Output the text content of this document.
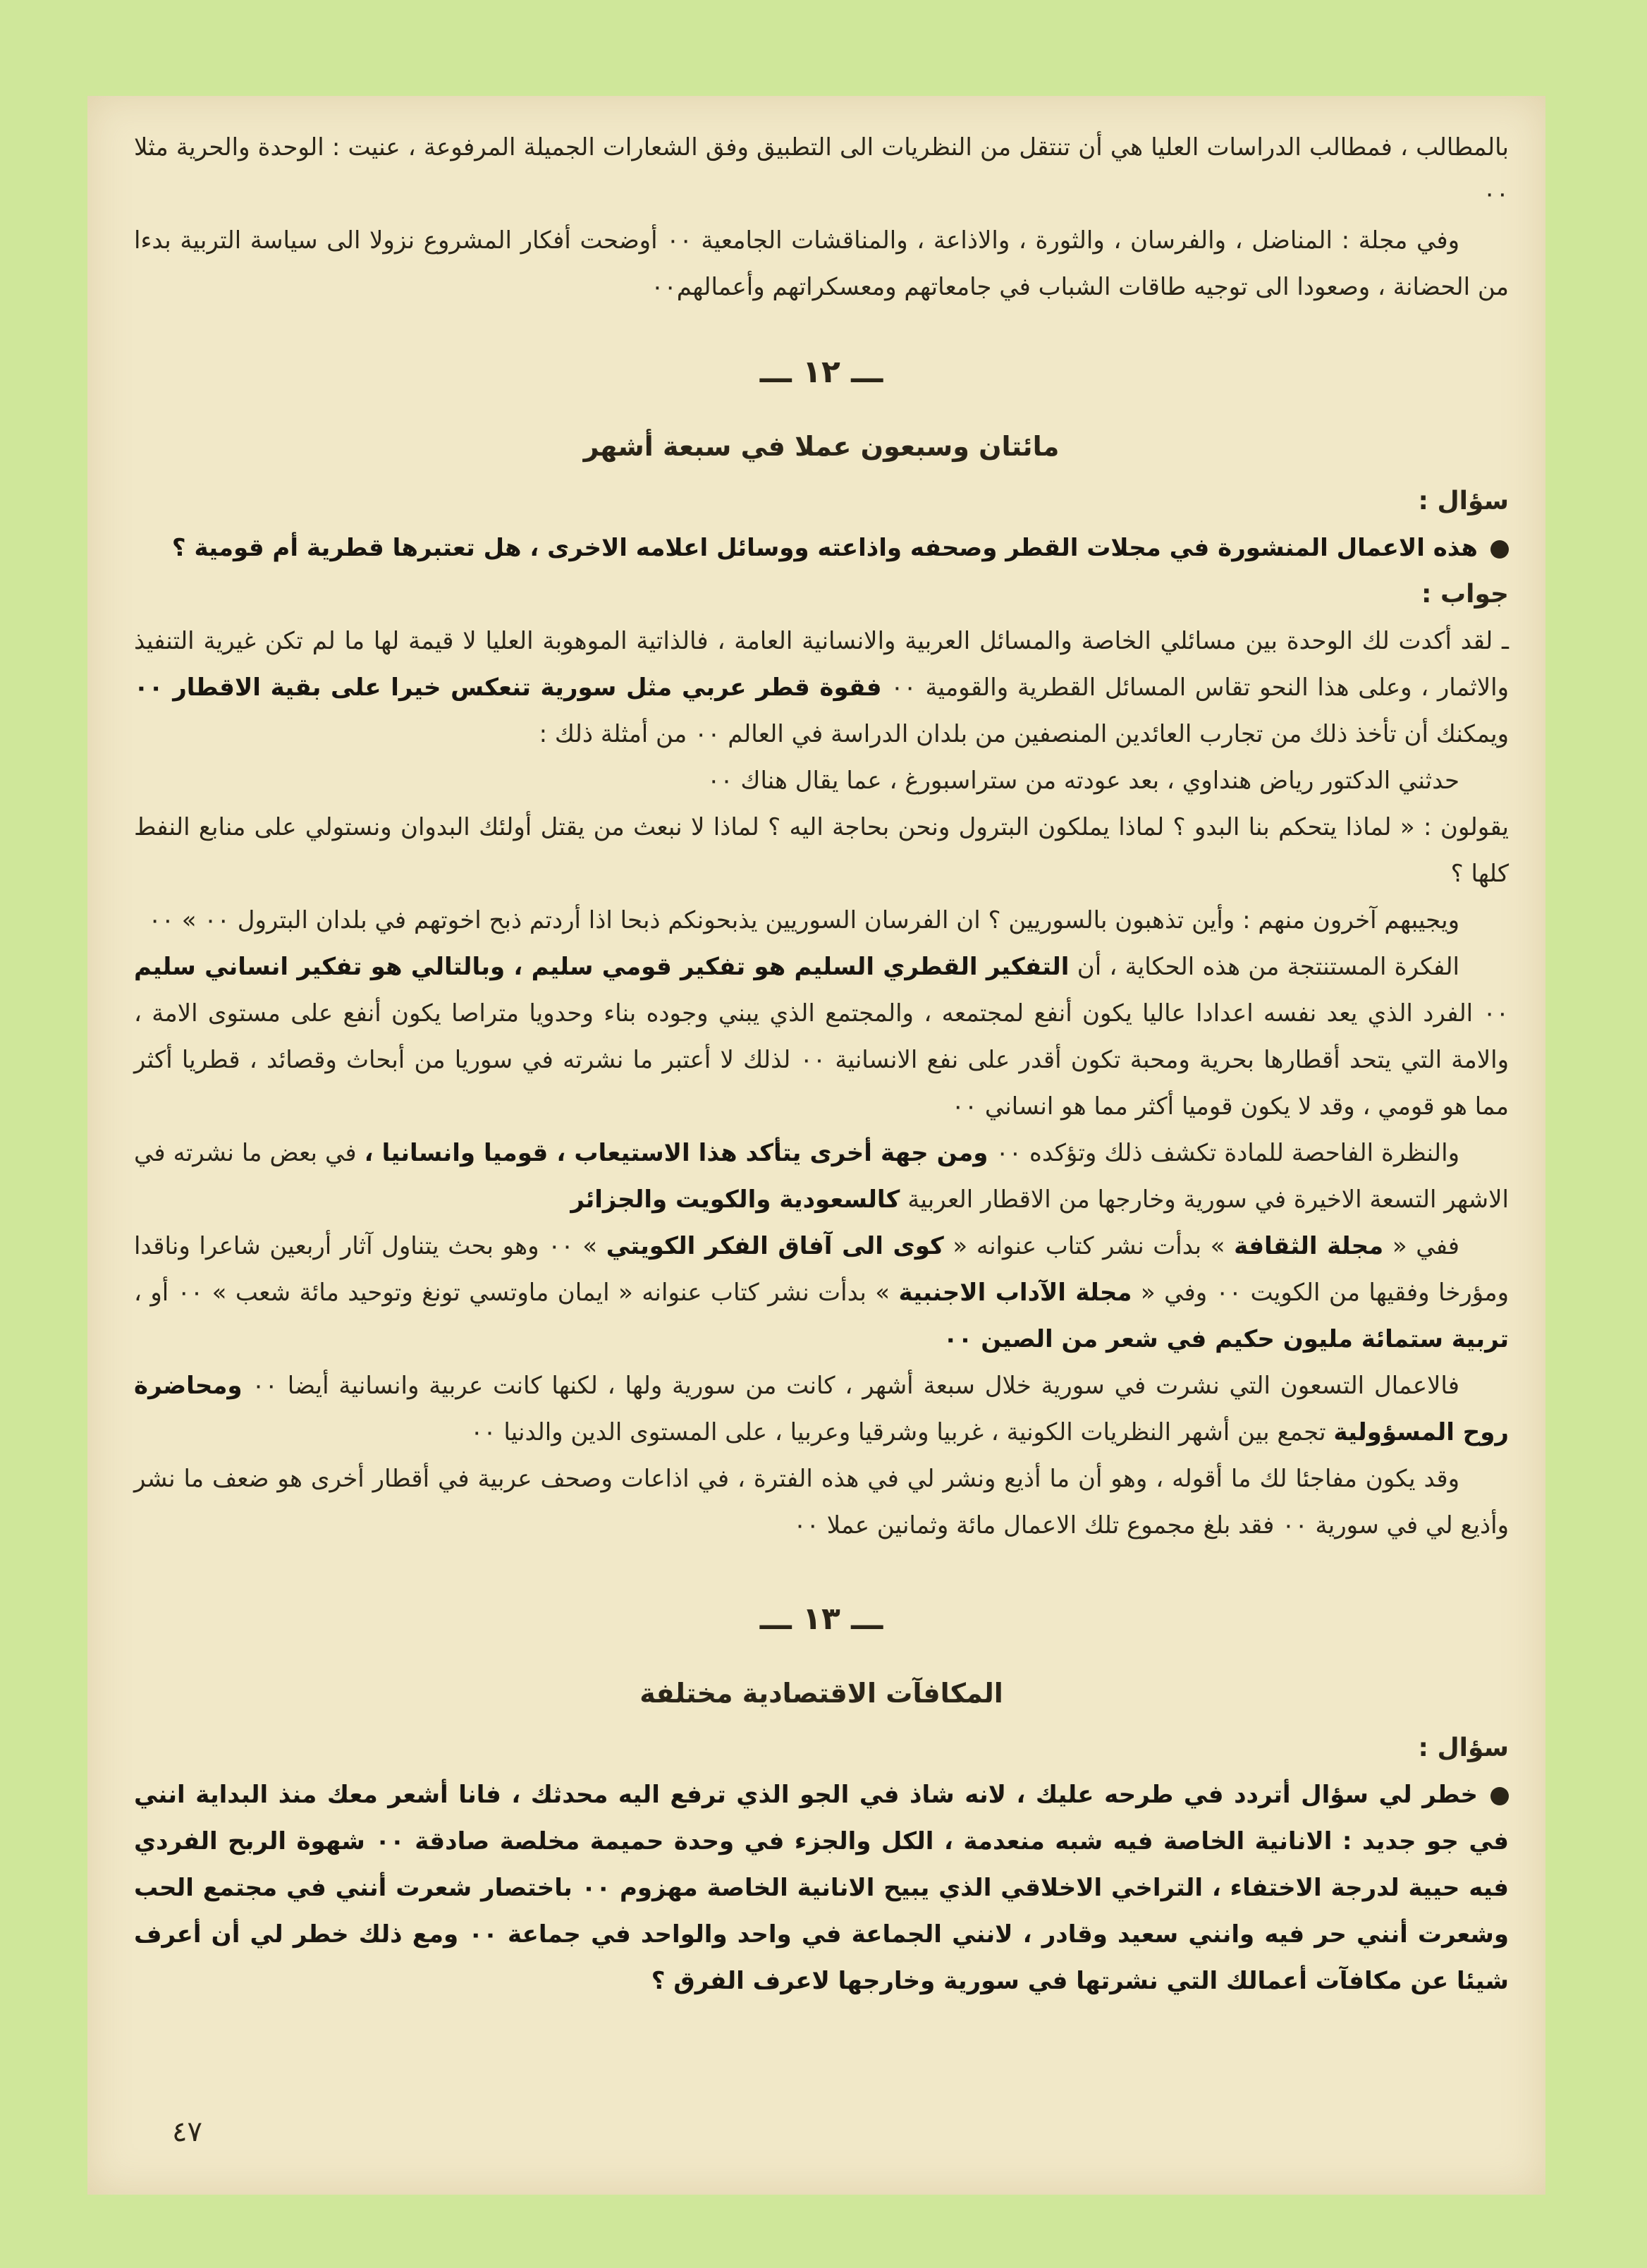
بالمطالب ، فمطالب الدراسات العليا هي أن تنتقل من النظريات الى التطبيق وفق الشعارات الجميلة المرفوعة ، عنيت : الوحدة والحرية مثلا ٠٠

وفي مجلة : المناضل ، والفرسان ، والثورة ، والاذاعة ، والمناقشات الجامعية ٠٠ أوضحت أفكار المشروع نزولا الى سياسة التربية بدءا من الحضانة ، وصعودا الى توجيه طاقات الشباب في جامعاتهم ومعسكراتهم وأعمالهم٠٠

ـــ ١٢ ـــ
مائتان وسبعون عملا في سبعة أشهر

سؤال :

هذه الاعمال المنشورة في مجلات القطر وصحفه واذاعته ووسائل اعلامه الاخرى ، هل تعتبرها قطرية أم قومية ؟

جواب :

ـ لقد أكدت لك الوحدة بين مسائلي الخاصة والمسائل العربية والانسانية العامة ، فالذاتية الموهوبة العليا لا قيمة لها ما لم تكن غيرية التنفيذ والاثمار ، وعلى هذا النحو تقاس المسائل القطرية والقومية ٠٠ فقوة قطر عربي مثل سورية تنعكس خيرا على بقية الاقطار ٠٠ ويمكنك أن تأخذ ذلك من تجارب العائدين المنصفين من بلدان الدراسة في العالم ٠٠ من أمثلة ذلك :

حدثني الدكتور رياض هنداوي ، بعد عودته من ستراسبورغ ، عما يقال هناك ٠٠

يقولون : « لماذا يتحكم بنا البدو ؟ لماذا يملكون البترول ونحن بحاجة اليه ؟ لماذا لا نبعث من يقتل أولئك البدوان ونستولي على منابع النفط كلها ؟

ويجيبهم آخرون منهم : وأين تذهبون بالسوريين ؟ ان الفرسان السوريين يذبحونكم ذبحا اذا أردتم ذبح اخوتهم في بلدان البترول ٠٠ » ٠٠

الفكرة المستنتجة من هذه الحكاية ، أن التفكير القطري السليم هو تفكير قومي سليم ، وبالتالي هو تفكير انساني سليم ٠٠ الفرد الذي يعد نفسه اعدادا عاليا يكون أنفع لمجتمعه ، والمجتمع الذي يبني وجوده بناء وحدويا متراصا يكون أنفع على مستوى الامة ، والامة التي يتحد أقطارها بحرية ومحبة تكون أقدر على نفع الانسانية ٠٠ لذلك لا أعتبر ما نشرته في سوريا من أبحاث وقصائد ، قطريا أكثر مما هو قومي ، وقد لا يكون قوميا أكثر مما هو انساني ٠٠

والنظرة الفاحصة للمادة تكشف ذلك وتؤكده ٠٠ ومن جهة أخرى يتأكد هذا الاستيعاب ، قوميا وانسانيا ، في بعض ما نشرته في الاشهر التسعة الاخيرة في سورية وخارجها من الاقطار العربية كالسعودية والكويت والجزائر

ففي « مجلة الثقافة » بدأت نشر كتاب عنوانه « كوى الى آفاق الفكر الكويتي » ٠٠ وهو بحث يتناول آثار أربعين شاعرا وناقدا ومؤرخا وفقيها من الكويت ٠٠ وفي « مجلة الآداب الاجنبية » بدأت نشر كتاب عنوانه « ايمان ماوتسي تونغ وتوحيد مائة شعب » ٠٠ أو ، تربية ستمائة مليون حكيم في شعر من الصين ٠٠

فالاعمال التسعون التي نشرت في سورية خلال سبعة أشهر ، كانت من سورية ولها ، لكنها كانت عربية وانسانية أيضا ٠٠ ومحاضرة روح المسؤولية تجمع بين أشهر النظريات الكونية ، غربيا وشرقيا وعربيا ، على المستوى الدين والدنيا ٠٠

وقد يكون مفاجئا لك ما أقوله ، وهو أن ما أذيع ونشر لي في هذه الفترة ، في اذاعات وصحف عربية في أقطار أخرى هو ضعف ما نشر وأذيع لي في سورية ٠٠ فقد بلغ مجموع تلك الاعمال مائة وثمانين عملا ٠٠

ـــ ١٣ ـــ
المكافآت الاقتصادية مختلفة

سؤال :

خطر لي سؤال أتردد في طرحه عليك ، لانه شاذ في الجو الذي ترفع اليه محدثك ، فانا أشعر معك منذ البداية انني في جو جديد : الانانية الخاصة فيه شبه منعدمة ، الكل والجزء في وحدة حميمة مخلصة صادقة ٠٠ شهوة الربح الفردي فيه حيية لدرجة الاختفاء ، التراخي الاخلاقي الذي يبيح الانانية الخاصة مهزوم ٠٠ باختصار شعرت أنني في مجتمع الحب وشعرت أنني حر فيه وانني سعيد وقادر ، لانني الجماعة في واحد والواحد في جماعة ٠٠ ومع ذلك خطر لي أن أعرف شيئا عن مكافآت أعمالك التي نشرتها في سورية وخارجها لاعرف الفرق ؟

٤٧
